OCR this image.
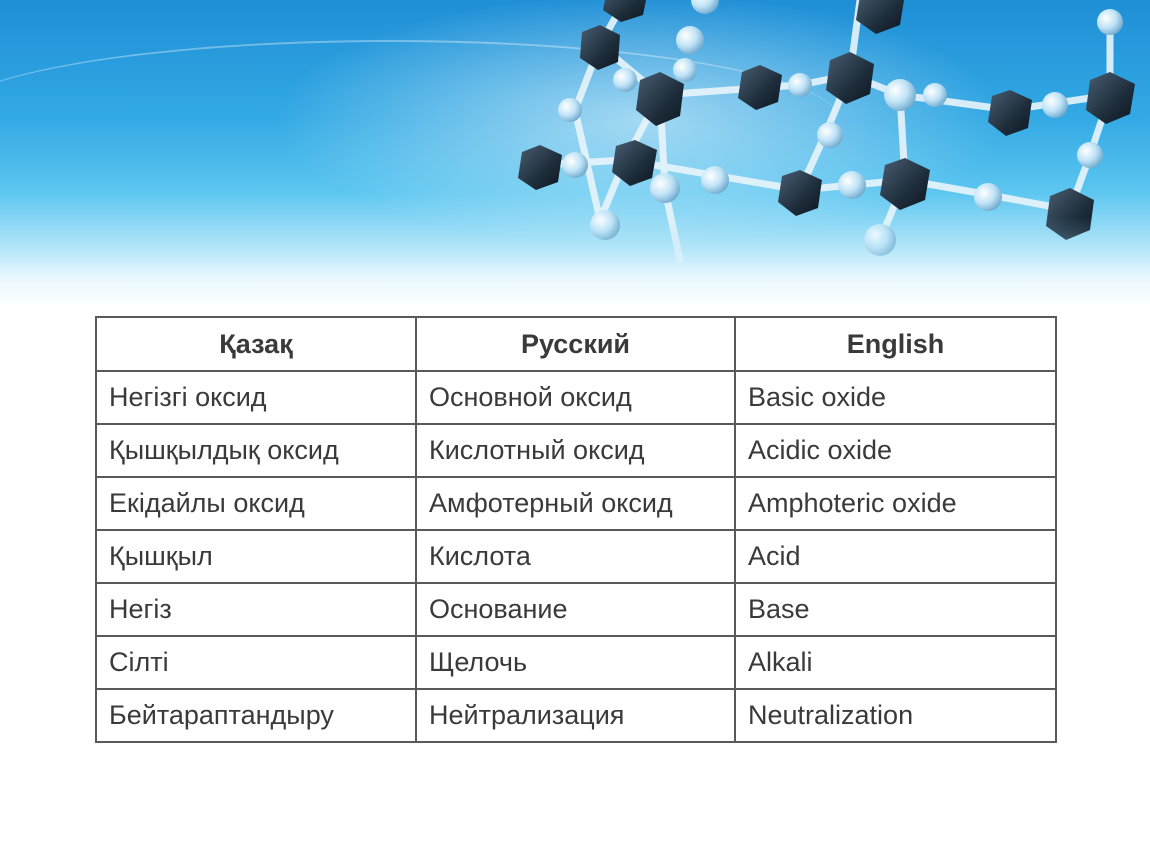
Қазақ	Русский	English
Негізгі оксид	Основной оксид	Basic oxide
Қышқылдық оксид	Кислотный оксид	Acidic oxide
Екідайлы оксид	Амфотерный оксид	Amphoteric oxide
Қышқыл	Кислота	Acid
Негіз	Основание	Base
Сілті	Щелочь	Alkali
Бейтараптандыру	Нейтрализация	Neutralization
